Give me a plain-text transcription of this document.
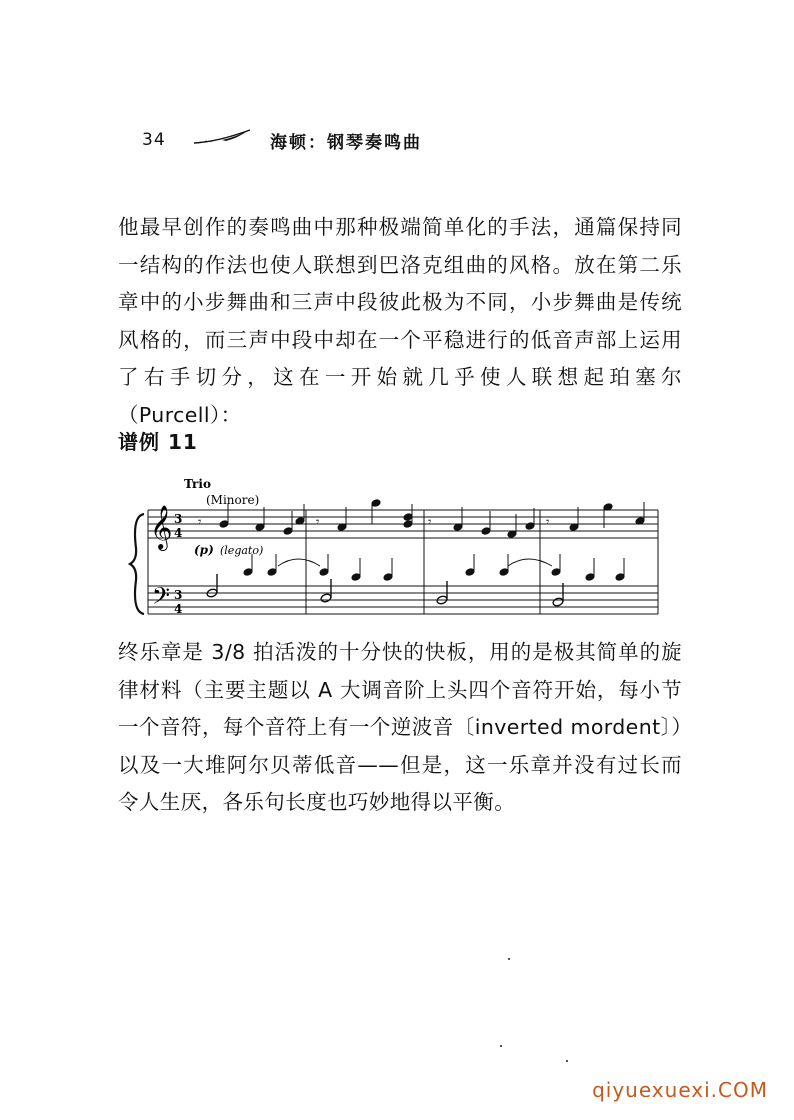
34	海顿：钢琴奏鸣曲
他最早创作的奏鸣曲中那种极端简单化的手法，通篇保持同一结构的作法也使人联想到巴洛克组曲的风格。放在第二乐章中的小步舞曲和三声中段彼此极为不同，小步舞曲是传统风格的，而三声中段中却在一个平稳进行的低音声部上运用了右手切分，这在一开始就几乎使人联想起珀塞尔（Purcell）：
谱例 11
Trio
(Minore)
(p) (legato)
𝄞
𝄢
3
4
3
4
𝄾	𝄾	𝄾	𝄾
终乐章是 3/8 拍活泼的十分快的快板，用的是极其简单的旋律材料（主要主题以 A 大调音阶上头四个音符开始，每小节一个音符，每个音符上有一个逆波音〔inverted mordent〕）以及一大堆阿尔贝蒂低音——但是，这一乐章并没有过长而令人生厌，各乐句长度也巧妙地得以平衡。
qiyuexuexi.COM
